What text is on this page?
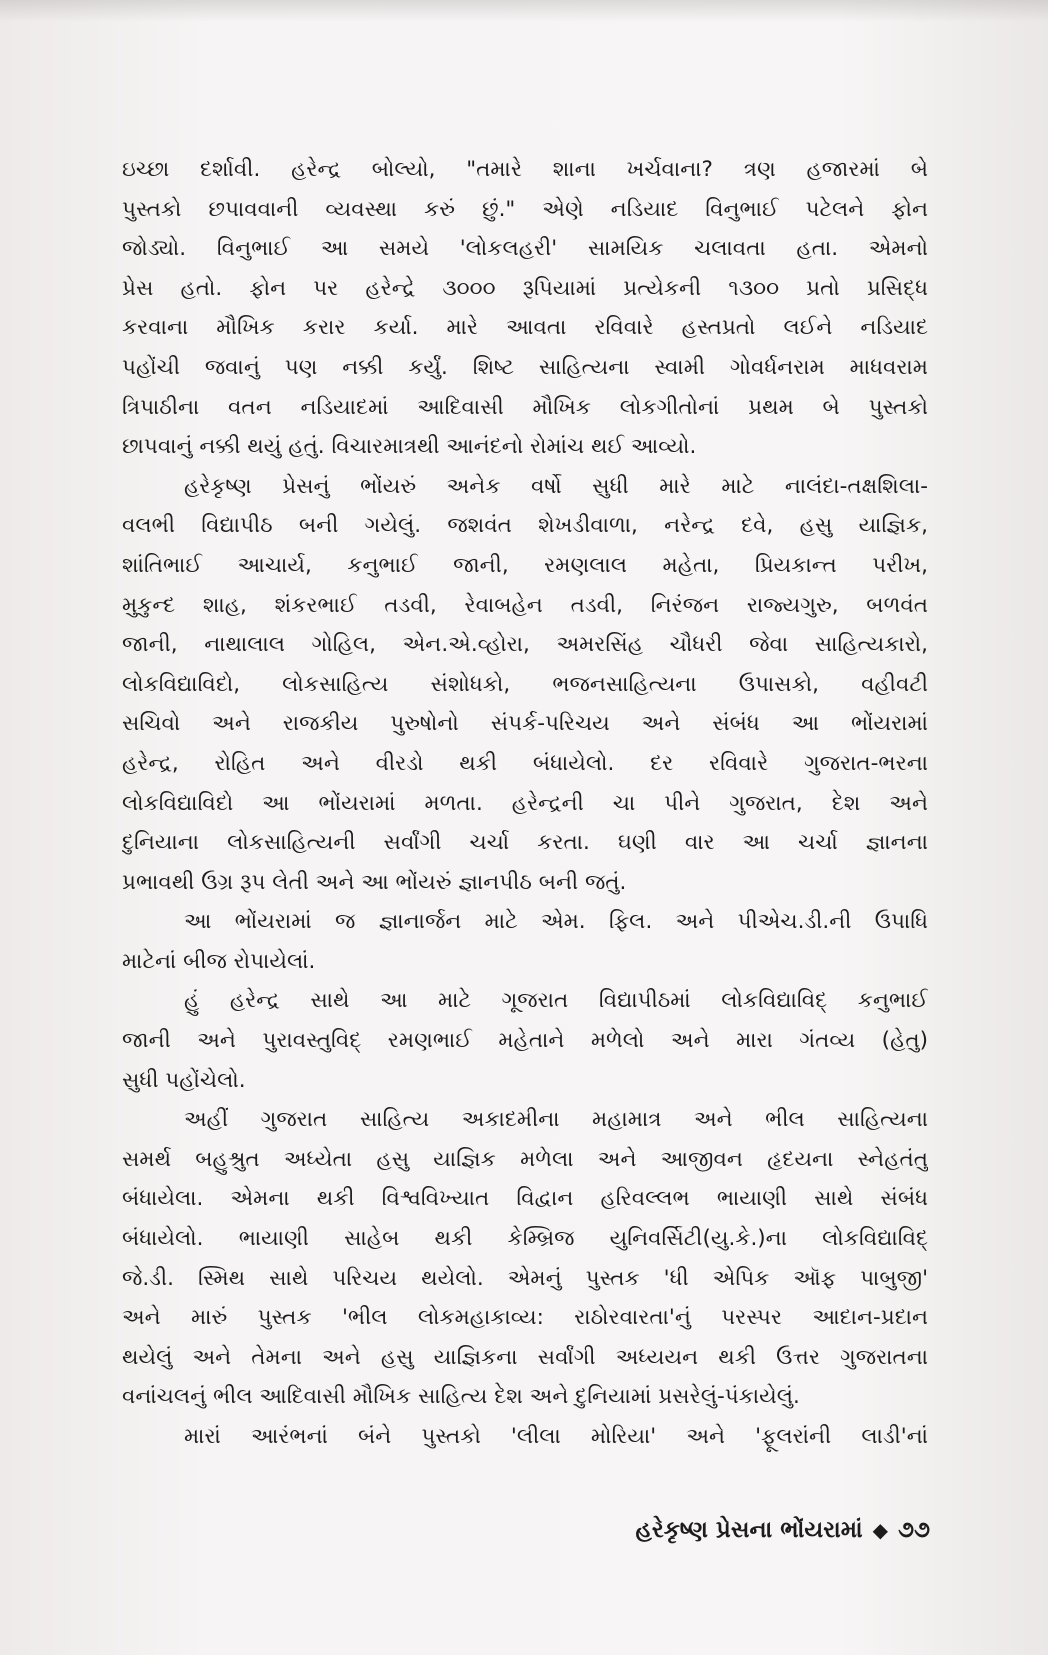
ઇચ્છા દર્શાવી. હરેન્દ્ર બોલ્યો, "તમારે શાના ખર્ચવાના? ત્રણ હજારમાં બે
પુસ્તકો છપાવવાની વ્યવસ્થા કરું છું." એણે નડિયાદ વિનુભાઈ પટેલને ફોન
જોડ્યો. વિનુભાઈ આ સમયે 'લોકલહરી' સામયિક ચલાવતા હતા. એમનો
પ્રેસ હતો. ફોન પર હરેન્દ્રે ૩૦૦૦ રૂપિયામાં પ્રત્યેકની ૧૩૦૦ પ્રતો પ્રસિદ્ધ
કરવાના મૌખિક કરાર કર્યા. મારે આવતા રવિવારે હસ્તપ્રતો લઈને નડિયાદ
પહોંચી જવાનું પણ નક્કી કર્યું. શિષ્ટ સાહિત્યના સ્વામી ગોવર્ધનરામ માધવરામ
ત્રિપાઠીના વતન નડિયાદમાં આદિવાસી મૌખિક લોકગીતોનાં પ્રથમ બે પુસ્તકો
છાપવાનું નક્કી થયું હતું. વિચારમાત્રથી આનંદનો રોમાંચ થઈ આવ્યો.
હરેકૃષ્ણ પ્રેસનું ભોંયરું અનેક વર્ષો સુધી મારે માટે નાલંદા-તક્ષશિલા-
વલભી વિદ્યાપીઠ બની ગયેલું. જશવંત શેખડીવાળા, નરેન્દ્ર દવે, હસુ યાજ્ઞિક,
શાંતિભાઈ આચાર્ય, કનુભાઈ જાની, રમણલાલ મહેતા, પ્રિયકાન્ત પરીખ,
મુકુન્દ શાહ, શંકરભાઈ તડવી, રેવાબહેન તડવી, નિરંજન રાજ્યગુરુ, બળવંત
જાની, નાથાલાલ ગોહિલ, એન.એ.વ્હોરા, અમરસિંહ ચૌધરી જેવા સાહિત્યકારો,
લોકવિદ્યાવિદો, લોકસાહિત્ય સંશોધકો, ભજનસાહિત્યના ઉપાસકો, વહીવટી
સચિવો અને રાજકીય પુરુષોનો સંપર્ક-પરિચય અને સંબંધ આ ભોંયરામાં
હરેન્દ્ર, રોહિત અને વીરડો થકી બંધાયેલો. દર રવિવારે ગુજરાત-ભરના
લોકવિદ્યાવિદો આ ભોંયરામાં મળતા. હરેન્દ્રની ચા પીને ગુજરાત, દેશ અને
દુનિયાના લોકસાહિત્યની સર્વાંગી ચર્ચા કરતા. ઘણી વાર આ ચર્ચા જ્ઞાનના
પ્રભાવથી ઉગ્ર રૂપ લેતી અને આ ભોંયરું જ્ઞાનપીઠ બની જતું.
આ ભોંયરામાં જ જ્ઞાનાર્જન માટે એમ. ફિલ. અને પીએચ.ડી.ની ઉપાધિ
માટેનાં બીજ રોપાયેલાં.
હું હરેન્દ્ર સાથે આ માટે ગૂજરાત વિદ્યાપીઠમાં લોકવિદ્યાવિદ્ કનુભાઈ
જાની અને પુરાવસ્તુવિદ્ રમણભાઈ મહેતાને મળેલો અને મારા ગંતવ્ય (હેતુ)
સુધી પહોંચેલો.
અહીં ગુજરાત સાહિત્ય અકાદમીના મહામાત્ર અને ભીલ સાહિત્યના
સમર્થ બહુશ્રુત અધ્યેતા હસુ યાજ્ઞિક મળેલા અને આજીવન હૃદયના સ્નેહતંતુ
બંધાયેલા. એમના થકી વિશ્વવિખ્યાત વિદ્વાન હરિવલ્લભ ભાયાણી સાથે સંબંધ
બંધાયેલો. ભાયાણી સાહેબ થકી કેમ્બ્રિજ યુનિવર્સિટી(યુ.કે.)ના લોકવિદ્યાવિદ્
જે.ડી. સ્મિથ સાથે પરિચય થયેલો. એમનું પુસ્તક 'ધી એપિક ઑફ પાબુજી'
અને મારું પુસ્તક 'ભીલ લોકમહાકાવ્ય: રાઠોરવારતા'નું પરસ્પર આદાન-પ્રદાન
થયેલું અને તેમના અને હસુ યાજ્ઞિકના સર્વાંગી અધ્યયન થકી ઉત્તર ગુજરાતના
વનાંચલનું ભીલ આદિવાસી મૌખિક સાહિત્ય દેશ અને દુનિયામાં પ્રસરેલું-પંકાયેલું.
મારાં આરંભનાં બંને પુસ્તકો 'લીલા મોરિયા' અને 'ફૂલરાંની લાડી'નાં
હરેકૃષ્ણ પ્રેસના ભોંયરામાં ◆ ૭૭
